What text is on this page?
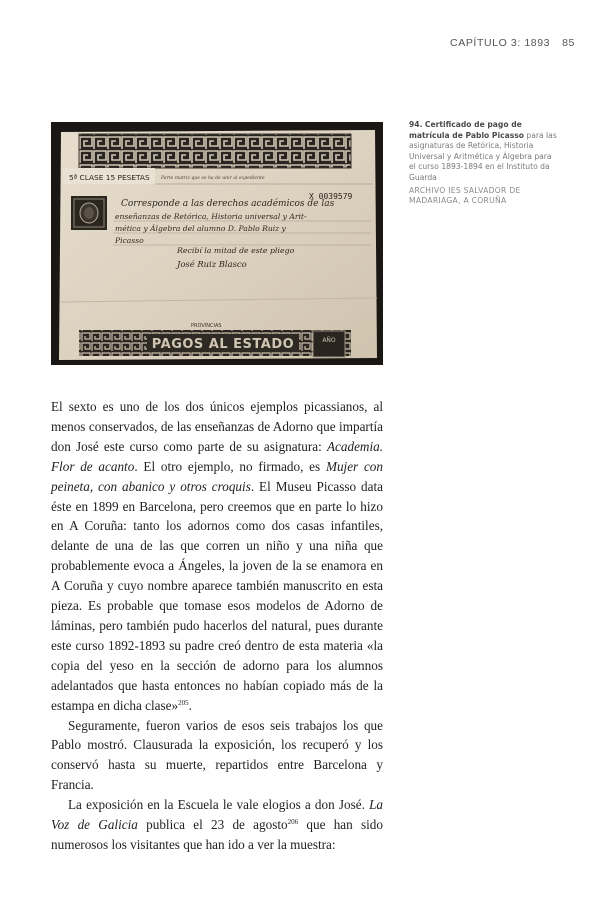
CAPÍTULO 3: 1893 85
5ª CLASE 15 PESETAS Parte matriz que se ha de unir al expediente
X 0039579
Corresponde a las derechos académicos de las
enseñanzas de Retórica, Historia universal y Arit-
mética y Álgebra del alumno D. Pablo Ruiz y
Picasso
Recibí la mitad de este pliego
José Ruiz Blasco
PROVINCIAS
PAGOS AL ESTADO	AÑO
94. Certificado de pago de matrícula de Pablo Picasso para las asignaturas de Retórica, Historia Universal y Aritmética y Álgebra para el curso 1893-1894 en el Instituto da Guarda
ARCHIVO IES SALVADOR DE MADARIAGA, A CORUÑA

El sexto es uno de los dos únicos ejemplos picassianos, al menos conservados, de las enseñanzas de Adorno que impartía don José este curso como parte de su asignatura: Academia. Flor de acanto. El otro ejemplo, no firmado, es Mujer con peineta, con abanico y otros croquis. El Museu Picasso data éste en 1899 en Barcelona, pero creemos que en parte lo hizo en A Coruña: tanto los adornos como dos casas infantiles, delante de una de las que corren un niño y una niña que probablemente evoca a Ángeles, la joven de la se enamora en A Coruña y cuyo nombre aparece también manuscrito en esta pieza. Es probable que tomase esos modelos de Adorno de láminas, pero también pudo hacerlos del natural, pues durante este curso 1892-1893 su padre creó dentro de esta materia «la copia del yeso en la sección de adorno para los alumnos adelantados que hasta entonces no habían copiado más de la estampa en dicha clase»$^{205}$.

Seguramente, fueron varios de esos seis trabajos los que Pablo mostró. Clausurada la exposición, los recuperó y los conservó hasta su muerte, repartidos entre Barcelona y Francia.

La exposición en la Escuela le vale elogios a don José. La Voz de Galicia publica el 23 de agosto$^{206}$ que han sido numerosos los visitantes que han ido a ver la muestra:
